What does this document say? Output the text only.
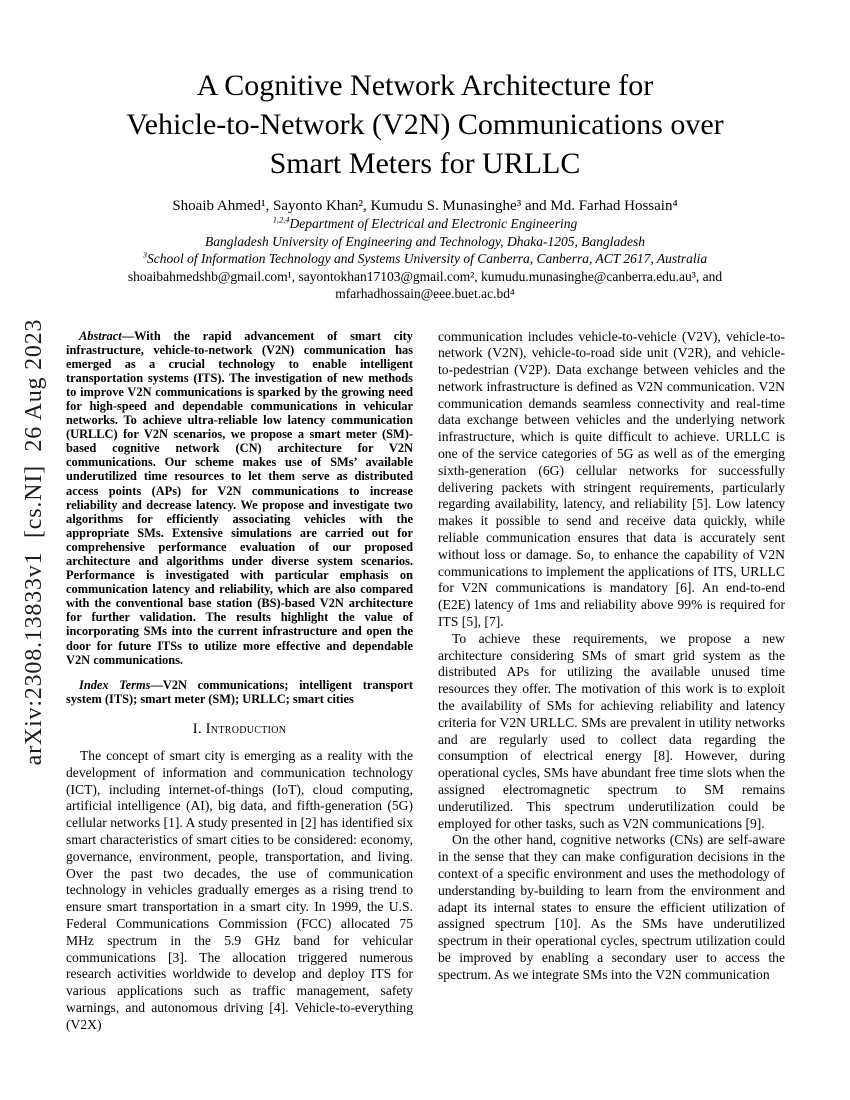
arXiv:2308.13833v1  [cs.NI]  26 Aug 2023
A Cognitive Network Architecture for
Vehicle-to-Network (V2N) Communications over
Smart Meters for URLLC
Shoaib Ahmed¹, Sayonto Khan², Kumudu S. Munasinghe³ and Md. Farhad Hossain⁴
$^{1,2,4}$Department of Electrical and Electronic Engineering
Bangladesh University of Engineering and Technology, Dhaka-1205, Bangladesh
$^3$School of Information Technology and Systems University of Canberra, Canberra, ACT 2617, Australia
shoaibahmedshb@gmail.com¹, sayontokhan17103@gmail.com², kumudu.munasinghe@canberra.edu.au³, and
mfarhadhossain@eee.buet.ac.bd⁴

Abstract—With the rapid advancement of smart city infrastructure, vehicle-to-network (V2N) communication has emerged as a crucial technology to enable intelligent transportation systems (ITS). The investigation of new methods to improve V2N communications is sparked by the growing need for high-speed and dependable communications in vehicular networks. To achieve ultra-reliable low latency communication (URLLC) for V2N scenarios, we propose a smart meter (SM)-based cognitive network (CN) architecture for V2N communications. Our scheme makes use of SMs’ available underutilized time resources to let them serve as distributed access points (APs) for V2N communications to increase reliability and decrease latency. We propose and investigate two algorithms for efficiently associating vehicles with the appropriate SMs. Extensive simulations are carried out for comprehensive performance evaluation of our proposed architecture and algorithms under diverse system scenarios. Performance is investigated with particular emphasis on communication latency and reliability, which are also compared with the conventional base station (BS)-based V2N architecture for further validation. The results highlight the value of incorporating SMs into the current infrastructure and open the door for future ITSs to utilize more effective and dependable V2N communications.

Index Terms—V2N communications; intelligent transport system (ITS); smart meter (SM); URLLC; smart cities

I. Introduction

The concept of smart city is emerging as a reality with the development of information and communication technology (ICT), including internet-of-things (IoT), cloud computing, artificial intelligence (AI), big data, and fifth-generation (5G) cellular networks [1]. A study presented in [2] has identified six smart characteristics of smart cities to be considered: economy, governance, environment, people, transportation, and living. Over the past two decades, the use of communication technology in vehicles gradually emerges as a rising trend to ensure smart transportation in a smart city. In 1999, the U.S. Federal Communications Commission (FCC) allocated 75 MHz spectrum in the 5.9 GHz band for vehicular communications [3]. The allocation triggered numerous research activities worldwide to develop and deploy ITS for various applications such as traffic management, safety warnings, and autonomous driving [4]. Vehicle-to-everything (V2X)

communication includes vehicle-to-vehicle (V2V), vehicle-to-network (V2N), vehicle-to-road side unit (V2R), and vehicle-to-pedestrian (V2P). Data exchange between vehicles and the network infrastructure is defined as V2N communication. V2N communication demands seamless connectivity and real-time data exchange between vehicles and the underlying network infrastructure, which is quite difficult to achieve. URLLC is one of the service categories of 5G as well as of the emerging sixth-generation (6G) cellular networks for successfully delivering packets with stringent requirements, particularly regarding availability, latency, and reliability [5]. Low latency makes it possible to send and receive data quickly, while reliable communication ensures that data is accurately sent without loss or damage. So, to enhance the capability of V2N communications to implement the applications of ITS, URLLC for V2N communications is mandatory [6]. An end-to-end (E2E) latency of 1ms and reliability above 99% is required for ITS [5], [7].

To achieve these requirements, we propose a new architecture considering SMs of smart grid system as the distributed APs for utilizing the available unused time resources they offer. The motivation of this work is to exploit the availability of SMs for achieving reliability and latency criteria for V2N URLLC. SMs are prevalent in utility networks and are regularly used to collect data regarding the consumption of electrical energy [8]. However, during operational cycles, SMs have abundant free time slots when the assigned electromagnetic spectrum to SM remains underutilized. This spectrum underutilization could be employed for other tasks, such as V2N communications [9].

On the other hand, cognitive networks (CNs) are self-aware in the sense that they can make configuration decisions in the context of a specific environment and uses the methodology of understanding by-building to learn from the environment and adapt its internal states to ensure the efficient utilization of assigned spectrum [10]. As the SMs have underutilized spectrum in their operational cycles, spectrum utilization could be improved by enabling a secondary user to access the spectrum. As we integrate SMs into the V2N communication
